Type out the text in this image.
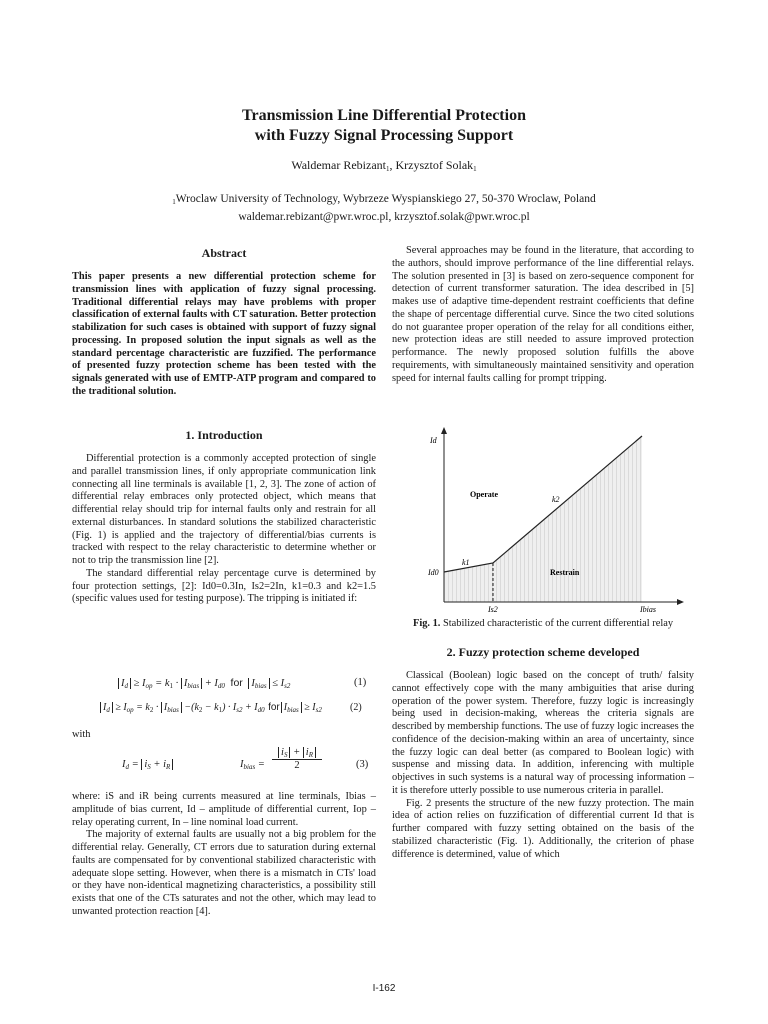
Transmission Line Differential Protection
with Fuzzy Signal Processing Support
Waldemar Rebizant$^1$, Krzysztof Solak$^1$
$^1$Wroclaw University of Technology, Wybrzeze Wyspianskiego 27, 50-370 Wroclaw, Poland
waldemar.rebizant@pwr.wroc.pl, krzysztof.solak@pwr.wroc.pl
Abstract

This paper presents a new differential protection scheme for transmission lines with application of fuzzy signal processing. Traditional differential relays may have problems with proper classification of external faults with CT saturation. Better protection stabilization for such cases is obtained with support of fuzzy signal processing. In proposed solution the input signals as well as the standard percentage characteristic are fuzzified. The performance of presented fuzzy protection scheme has been tested with the signals generated with use of EMTP-ATP program and compared to the traditional solution.

1. Introduction

Differential protection is a commonly accepted protection of single and parallel transmission lines, if only appropriate communication link connecting all line terminals is available [1, 2, 3]. The zone of action of differential relay embraces only protected object, which means that differential relay should trip for internal faults only and restrain for all external disturbances. In standard solutions the stabilized characteristic (Fig. 1) is applied and the trajectory of differential/bias currents is tracked with respect to the relay characteristic to determine whether or not to trip the transmission line [2].

The standard differential relay percentage curve is determined by four protection settings, [2]: Id0=0.3In, Is2=2In, k1=0.3 and k2=1.5 (specific values used for testing purpose). The tripping is initiated if:

$I_d \ge I_{op} = k_1 \cdot I_{bias} + I_{d0}$ for $I_{bias} \le I_{s2}$	(1)
$I_d \ge I_{op} = k_2 \cdot I_{bias} -(k_2 - k_1) \cdot I_{s2} + I_{d0}$ for $I_{bias} \ge I_{s2}$	(2)
with
$I_d = i_S + i_R$	$I_{bias}$ =
$i_S + i_R$
2	(3)

where: iS and iR being currents measured at line terminals, Ibias – amplitude of bias current, Id – amplitude of differential current, Iop – relay operating current, In – line nominal load current.

The majority of external faults are usually not a big problem for the differential relay. Generally, CT errors due to saturation during external faults are compensated for by conventional stabilized characteristic with adequate slope setting. However, when there is a mismatch in CTs' load or they have non-identical magnetizing characteristics, a possibility still exists that one of the CTs saturates and not the other, which may lead to unwanted protection reaction [4].

Several approaches may be found in the literature, that according to the authors, should improve performance of the line differential relays. The solution presented in [3] is based on zero-sequence component for detection of current transformer saturation. The idea described in [5] makes use of adaptive time-dependent restraint coefficients that define the shape of percentage differential curve. Since the two cited solutions do not guarantee proper operation of the relay for all conditions either, new protection ideas are still needed to assure improved protection performance. The newly proposed solution fulfills the above requirements, with simultaneously maintained sensitivity and operation speed for internal faults calling for prompt tripping.

Id
Id0
Is2	Ibias
k1
k2
Operate
Restrain
Fig. 1. Stabilized characteristic of the current differential relay
2. Fuzzy protection scheme developed

Classical (Boolean) logic based on the concept of truth/ falsity cannot effectively cope with the many ambiguities that arise during operation of the power system. Therefore, fuzzy logic is increasingly being used in decision-making, whereas the criteria signals are described by membership functions. The use of fuzzy logic increases the confidence of the decision-making within an area of uncertainty, since the fuzzy logic can deal better (as compared to Boolean logic) with suspense and missing data. In addition, inferencing with multiple objectives in such systems is a natural way of processing information – it is therefore utterly possible to use numerous criteria in parallel.

Fig. 2 presents the structure of the new fuzzy protection. The main idea of action relies on fuzzification of differential current Id that is further compared with fuzzy setting obtained on the basis of the stabilized characteristic (Fig. 1). Additionally, the criterion of phase difference is determined, value of which

I-162
